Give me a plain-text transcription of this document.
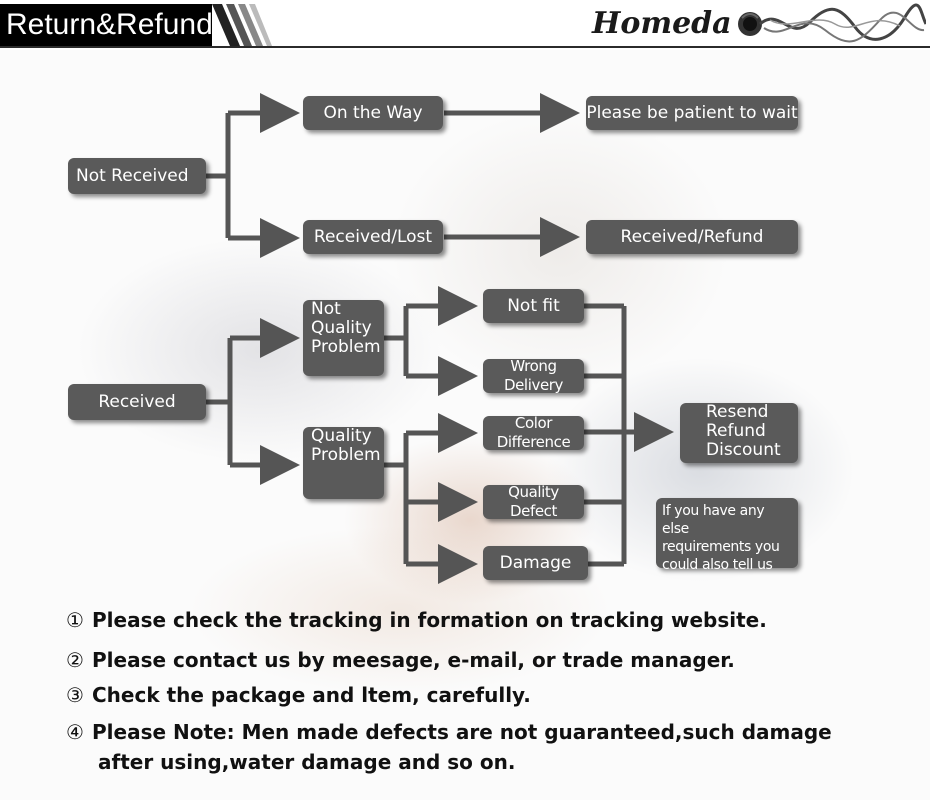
Return&Refund	Homeda
Not Received
On the Way	Please be patient to wait
Received/Lost	Received/Refund
Received
Not
Quality
Problem
Quality
Problem
Not fit
Wrong Delivery
Color Difference
Quality Defect
Damage
Resend
Refund
Discount
If you have any else
requirements you
could also tell us
① Please check the tracking in formation on tracking website.
② Please contact us by meesage, e-mail, or trade manager.
③ Check the package and ltem, carefully.
④ Please Note: Men made defects are not guaranteed,such damage
after using,water damage and so on.
